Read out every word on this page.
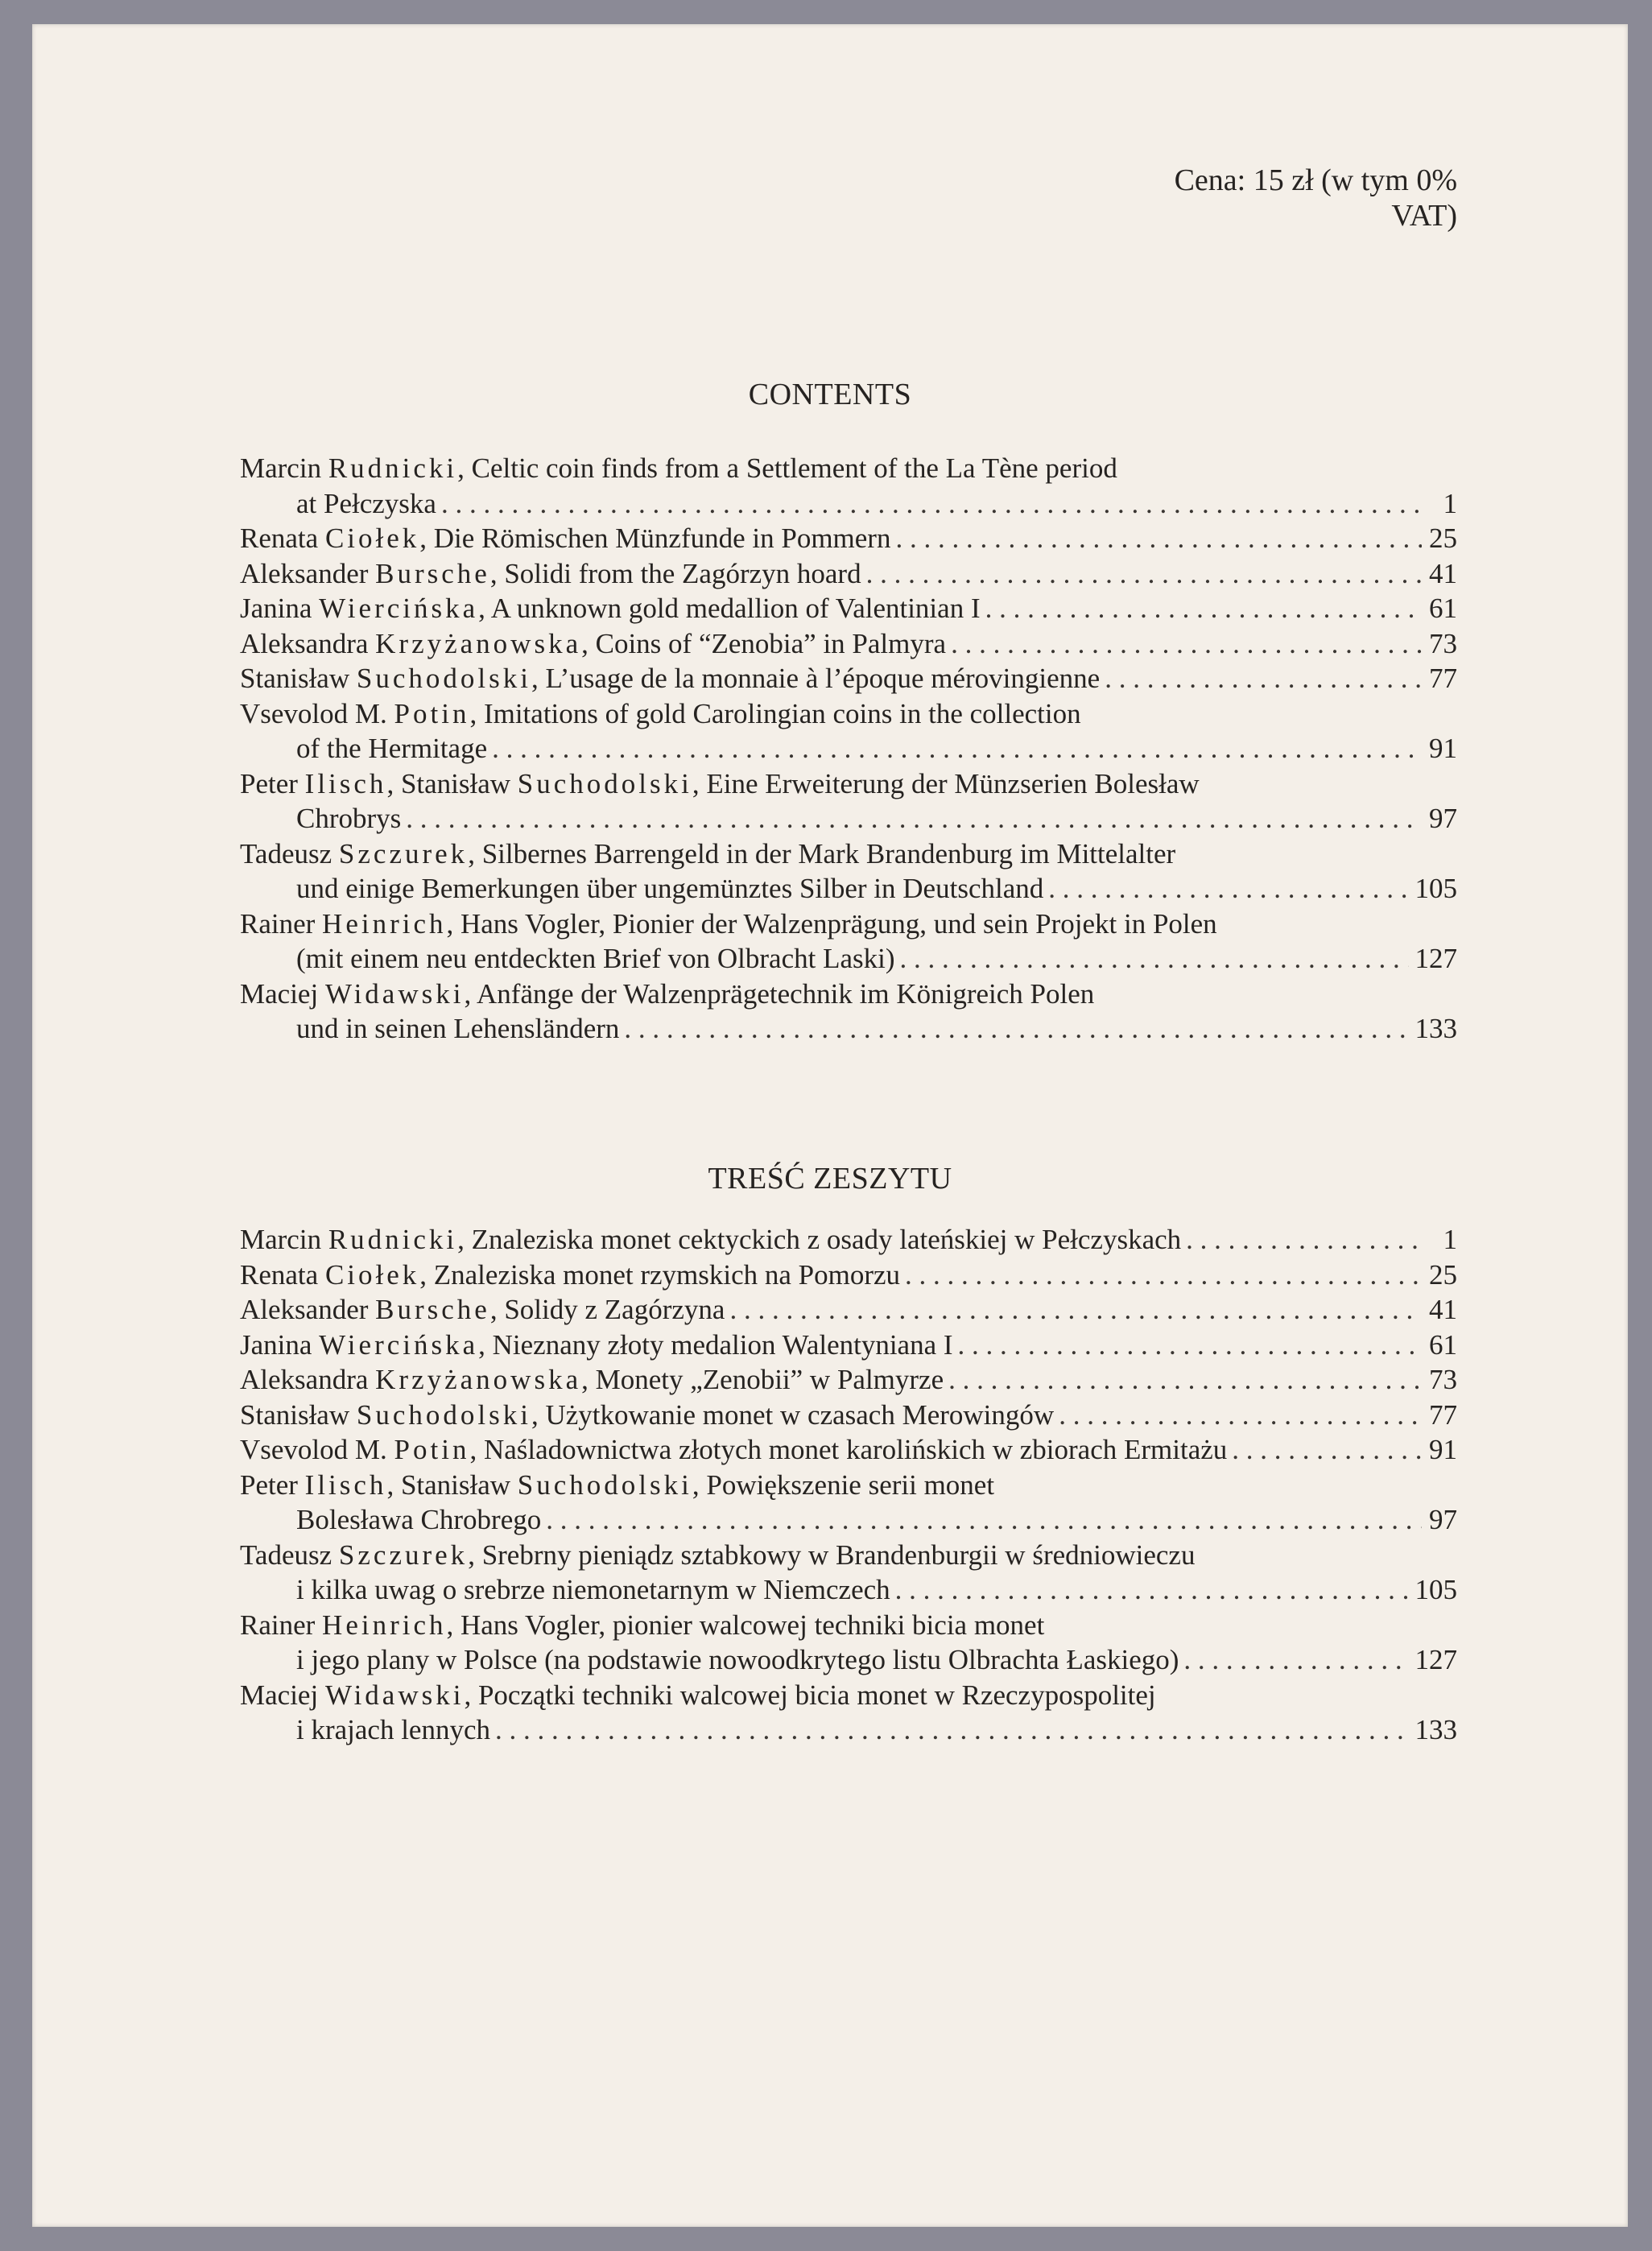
Cena: 15 zł (w tym 0% VAT)
CONTENTS
Marcin Rudnicki, Celtic coin finds from a Settlement of the La Tène period
at Pełczyska . . .	1
Renata Ciołek, Die Römischen Münzfunde in Pommern . . .	25
Aleksander Bursche, Solidi from the Zagórzyn hoard . . .	41
Janina Wiercińska, A unknown gold medallion of Valentinian I . . .	61
Aleksandra Krzyżanowska, Coins of “Zenobia” in Palmyra . . .	73
Stanisław Suchodolski, L’usage de la monnaie à l’époque mérovingienne . . .	77
Vsevolod M. Potin, Imitations of gold Carolingian coins in the collection
of the Hermitage . . .	91
Peter Ilisch, Stanisław Suchodolski, Eine Erweiterung der Münzserien Bolesław
Chrobrys . . .	97
Tadeusz Szczurek, Silbernes Barrengeld in der Mark Brandenburg im Mittelalter
und einige Bemerkungen über ungemünztes Silber in Deutschland . . .	105
Rainer Heinrich, Hans Vogler, Pionier der Walzenprägung, und sein Projekt in Polen
(mit einem neu entdeckten Brief von Olbracht Laski) . . .	127
Maciej Widawski, Anfänge der Walzenprägetechnik im Königreich Polen
und in seinen Lehensländern . . .	133
TREŚĆ ZESZYTU
Marcin Rudnicki, Znaleziska monet cektyckich z osady lateńskiej w Pełczyskach . . .	1
Renata Ciołek, Znaleziska monet rzymskich na Pomorzu . . .	25
Aleksander Bursche, Solidy z Zagórzyna . . .	41
Janina Wiercińska, Nieznany złoty medalion Walentyniana I . . .	61
Aleksandra Krzyżanowska, Monety „Zenobii” w Palmyrze . . .	73
Stanisław Suchodolski, Użytkowanie monet w czasach Merowingów . . .	77
Vsevolod M. Potin, Naśladownictwa złotych monet karolińskich w zbiorach Ermitażu . . .	91
Peter Ilisch, Stanisław Suchodolski, Powiększenie serii monet
Bolesława Chrobrego . . .	97
Tadeusz Szczurek, Srebrny pieniądz sztabkowy w Brandenburgii w średniowieczu
i kilka uwag o srebrze niemonetarnym w Niemczech . . .	105
Rainer Heinrich, Hans Vogler, pionier walcowej techniki bicia monet
i jego plany w Polsce (na podstawie nowoodkrytego listu Olbrachta Łaskiego) . . .	127
Maciej Widawski, Początki techniki walcowej bicia monet w Rzeczypospolitej
i krajach lennych . . .	133
